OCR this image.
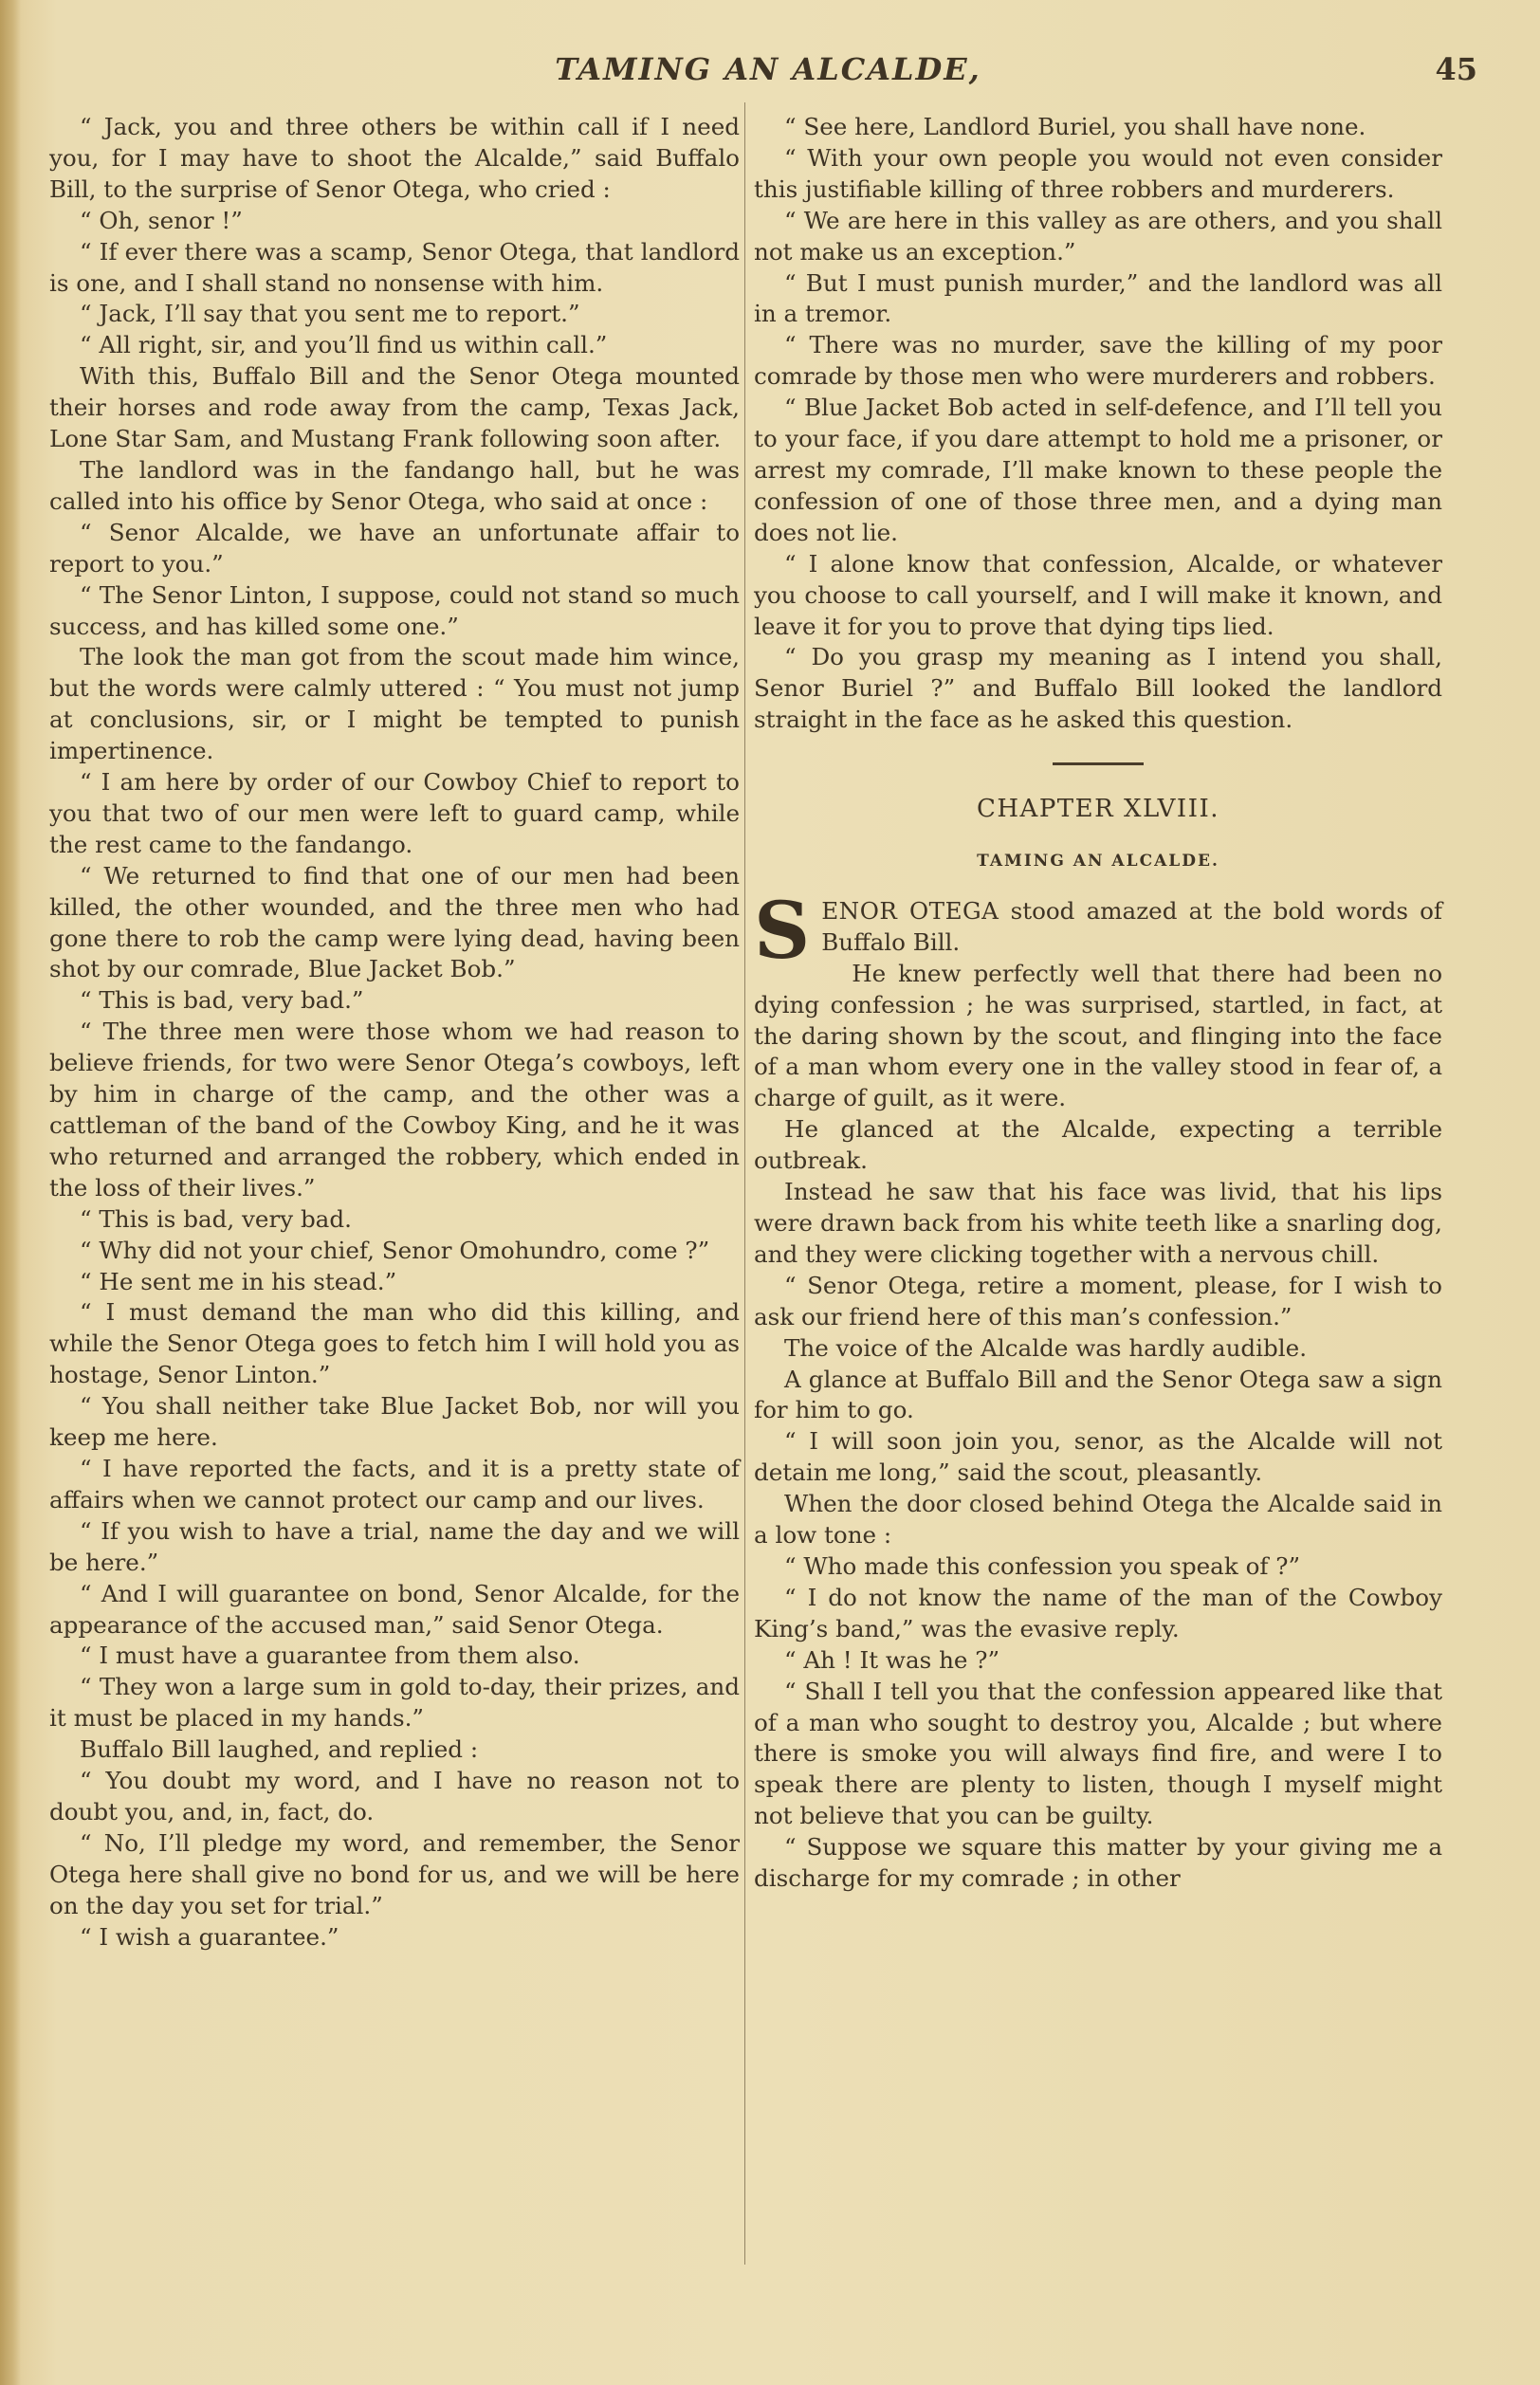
TAMING AN ALCALDE,	45

“ Jack, you and three others be within call if I need you, for I may have to shoot the Alcalde,” said Buffalo Bill, to the surprise of Senor Otega, who cried :

“ Oh, senor !”

“ If ever there was a scamp, Senor Otega, that landlord is one, and I shall stand no nonsense with him.

“ Jack, I’ll say that you sent me to report.”

“ All right, sir, and you’ll find us within call.”

With this, Buffalo Bill and the Senor Otega mounted their horses and rode away from the camp, Texas Jack, Lone Star Sam, and Mustang Frank following soon after.

The landlord was in the fandango hall, but he was called into his office by Senor Otega, who said at once :

“ Senor Alcalde, we have an unfortunate affair to report to you.”

“ The Senor Linton, I suppose, could not stand so much success, and has killed some one.”

The look the man got from the scout made him wince, but the words were calmly uttered : “ You must not jump at conclusions, sir, or I might be tempted to punish impertinence.

“ I am here by order of our Cowboy Chief to report to you that two of our men were left to guard camp, while the rest came to the fandango.

“ We returned to find that one of our men had been killed, the other wounded, and the three men who had gone there to rob the camp were lying dead, having been shot by our comrade, Blue Jacket Bob.”

“ This is bad, very bad.”

“ The three men were those whom we had reason to believe friends, for two were Senor Otega’s cowboys, left by him in charge of the camp, and the other was a cattleman of the band of the Cowboy King, and he it was who returned and arranged the robbery, which ended in the loss of their lives.”

“ This is bad, very bad.

“ Why did not your chief, Senor Omohundro, come ?”

“ He sent me in his stead.”

“ I must demand the man who did this killing, and while the Senor Otega goes to fetch him I will hold you as hostage, Senor Linton.”

“ You shall neither take Blue Jacket Bob, nor will you keep me here.

“ I have reported the facts, and it is a pretty state of affairs when we cannot protect our camp and our lives.

“ If you wish to have a trial, name the day and we will be here.”

“ And I will guarantee on bond, Senor Alcalde, for the appearance of the accused man,” said Senor Otega.

“ I must have a guarantee from them also.

“ They won a large sum in gold to-day, their prizes, and it must be placed in my hands.”

Buffalo Bill laughed, and replied :

“ You doubt my word, and I have no reason not to doubt you, and, in, fact, do.

“ No, I’ll pledge my word, and remember, the Senor Otega here shall give no bond for us, and we will be here on the day you set for trial.”

“ I wish a guarantee.”

“ See here, Landlord Buriel, you shall have none.

“ With your own people you would not even consider this justifiable killing of three robbers and murderers.

“ We are here in this valley as are others, and you shall not make us an exception.”

“ But I must punish murder,” and the landlord was all in a tremor.

“ There was no murder, save the killing of my poor comrade by those men who were murderers and robbers.

“ Blue Jacket Bob acted in self-defence, and I’ll tell you to your face, if you dare attempt to hold me a prisoner, or arrest my comrade, I’ll make known to these people the confession of one of those three men, and a dying man does not lie.

“ I alone know that confession, Alcalde, or whatever you choose to call yourself, and I will make it known, and leave it for you to prove that dying tips lied.

“ Do you grasp my meaning as I intend you shall, Senor Buriel ?” and Buffalo Bill looked the landlord straight in the face as he asked this question.

CHAPTER XLVIII.
TAMING AN ALCALDE.

SENOR OTEGA stood amazed at the bold words of Buffalo Bill.

He knew perfectly well that there had been no dying confession ; he was surprised, startled, in fact, at the daring shown by the scout, and flinging into the face of a man whom every one in the valley stood in fear of, a charge of guilt, as it were.

He glanced at the Alcalde, expecting a terrible outbreak.

Instead he saw that his face was livid, that his lips were drawn back from his white teeth like a snarling dog, and they were clicking together with a nervous chill.

“ Senor Otega, retire a moment, please, for I wish to ask our friend here of this man’s confession.”

The voice of the Alcalde was hardly audible.

A glance at Buffalo Bill and the Senor Otega saw a sign for him to go.

“ I will soon join you, senor, as the Alcalde will not detain me long,” said the scout, pleasantly.

When the door closed behind Otega the Alcalde said in a low tone :

“ Who made this confession you speak of ?”

“ I do not know the name of the man of the Cowboy King’s band,” was the evasive reply.

“ Ah ! It was he ?”

“ Shall I tell you that the confession appeared like that of a man who sought to destroy you, Alcalde ; but where there is smoke you will always find fire, and were I to speak there are plenty to listen, though I myself might not believe that you can be guilty.

“ Suppose we square this matter by your giving me a discharge for my comrade ; in other
